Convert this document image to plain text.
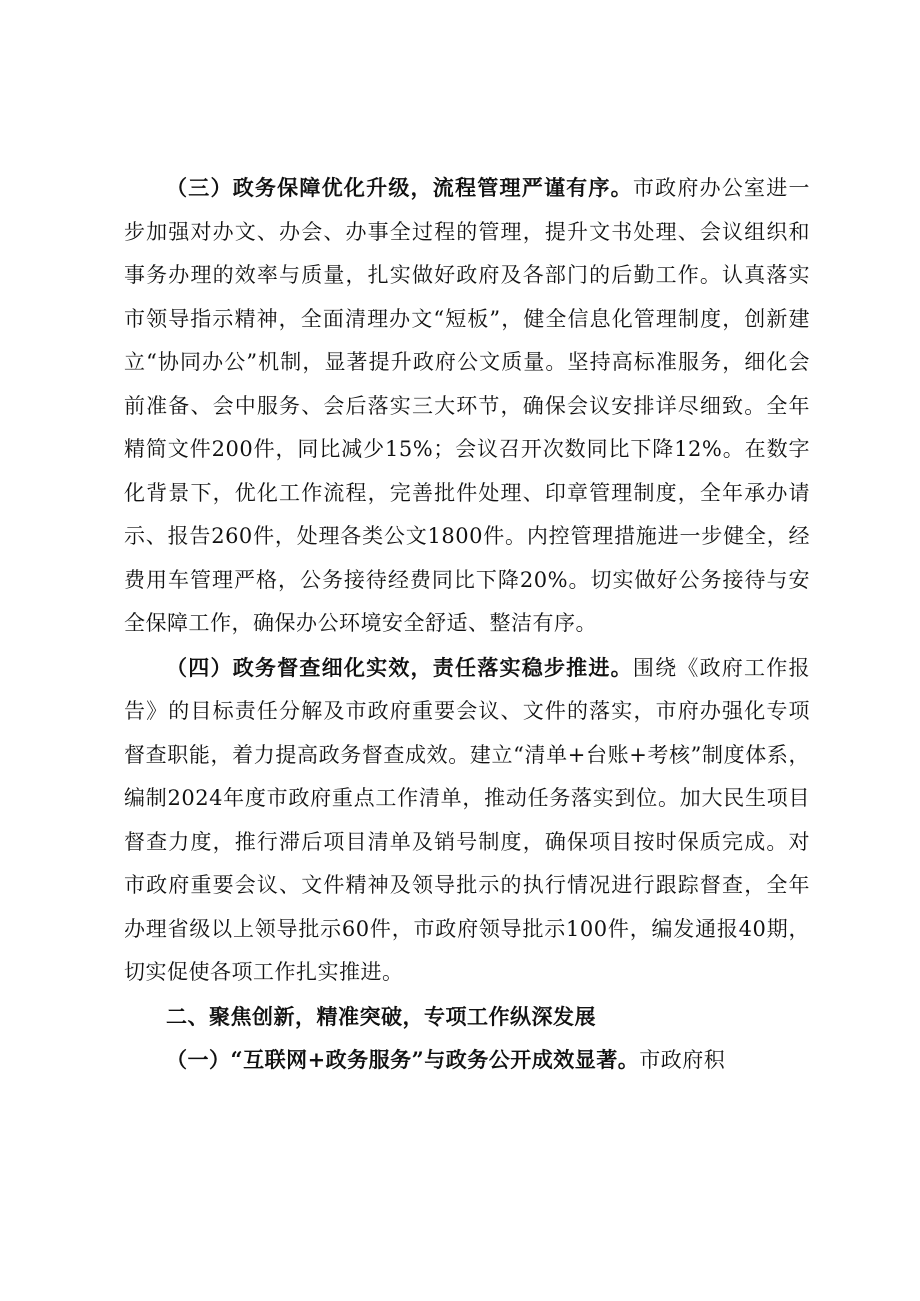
（三）政务保障优化升级，流程管理严谨有序。市政府办公室进一步加强对办文、办会、办事全过程的管理，提升文书处理、会议组织和事务办理的效率与质量，扎实做好政府及各部门的后勤工作。认真落实市领导指示精神，全面清理办文“短板”，健全信息化管理制度，创新建立“协同办公”机制，显著提升政府公文质量。坚持高标准服务，细化会前准备、会中服务、会后落实三大环节，确保会议安排详尽细致。全年精简文件200件，同比减少15%；会议召开次数同比下降12%。在数字化背景下，优化工作流程，完善批件处理、印章管理制度，全年承办请示、报告260件，处理各类公文1800件。内控管理措施进一步健全，经费用车管理严格，公务接待经费同比下降20%。切实做好公务接待与安全保障工作，确保办公环境安全舒适、整洁有序。

（四）政务督查细化实效，责任落实稳步推进。围绕《政府工作报告》的目标责任分解及市政府重要会议、文件的落实，市府办强化专项督查职能，着力提高政务督查成效。建立“清单+台账+考核”制度体系，编制2024年度市政府重点工作清单，推动任务落实到位。加大民生项目督查力度，推行滞后项目清单及销号制度，确保项目按时保质完成。对市政府重要会议、文件精神及领导批示的执行情况进行跟踪督查，全年办理省级以上领导批示60件，市政府领导批示100件，编发通报40期，切实促使各项工作扎实推进。

二、聚焦创新，精准突破，专项工作纵深发展

（一）“互联网+政务服务”与政务公开成效显著。市政府积
